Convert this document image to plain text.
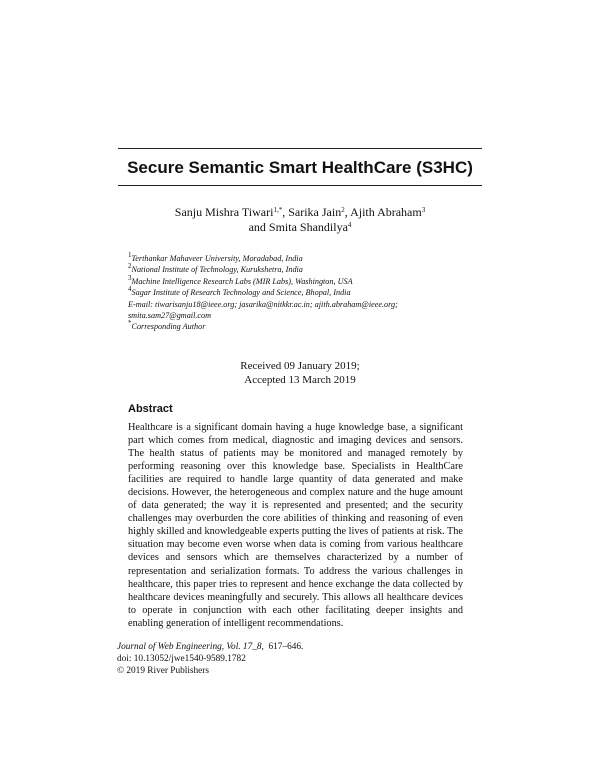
Secure Semantic Smart HealthCare (S3HC)
Sanju Mishra Tiwari$^{1,*}$, Sarika Jain$^2$, Ajith Abraham$^3$
and Smita Shandilya$^4$
$^1$Terthankar Mahaveer University, Moradabad, India
$^2$National Institute of Technology, Kurukshetra, India
$^3$Machine Intelligence Research Labs (MIR Labs), Washington, USA
$^4$Sagar Institute of Research Technology and Science, Bhopal, India
E-mail: tiwarisanju18@ieee.org; jasarika@nitkkr.ac.in; ajith.abraham@ieee.org;
smita.sam27@gmail.com
*Corresponding Author
Received 09 January 2019;
Accepted 13 March 2019
Abstract
Healthcare is a significant domain having a huge knowledge base, a significant part which comes from medical, diagnostic and imaging devices and sensors. The health status of patients may be monitored and managed remotely by performing reasoning over this knowledge base. Specialists in HealthCare facilities are required to handle large quantity of data generated and make decisions. However, the heterogeneous and complex nature and the huge amount of data generated; the way it is represented and presented; and the security challenges may overburden the core abilities of thinking and reasoning of even highly skilled and knowledgeable experts putting the lives of patients at risk. The situation may become even worse when data is coming from various healthcare devices and sensors which are themselves characterized by a number of representation and serialization formats. To address the various challenges in healthcare, this paper tries to represent and hence exchange the data collected by healthcare devices meaningfully and securely. This allows all healthcare devices to operate in conjunction with each other facilitating deeper insights and enabling generation of intelligent recommendations.
Journal of Web Engineering, Vol. 17_8, 617–646.
doi: 10.13052/jwe1540-9589.1782
© 2019 River Publishers
